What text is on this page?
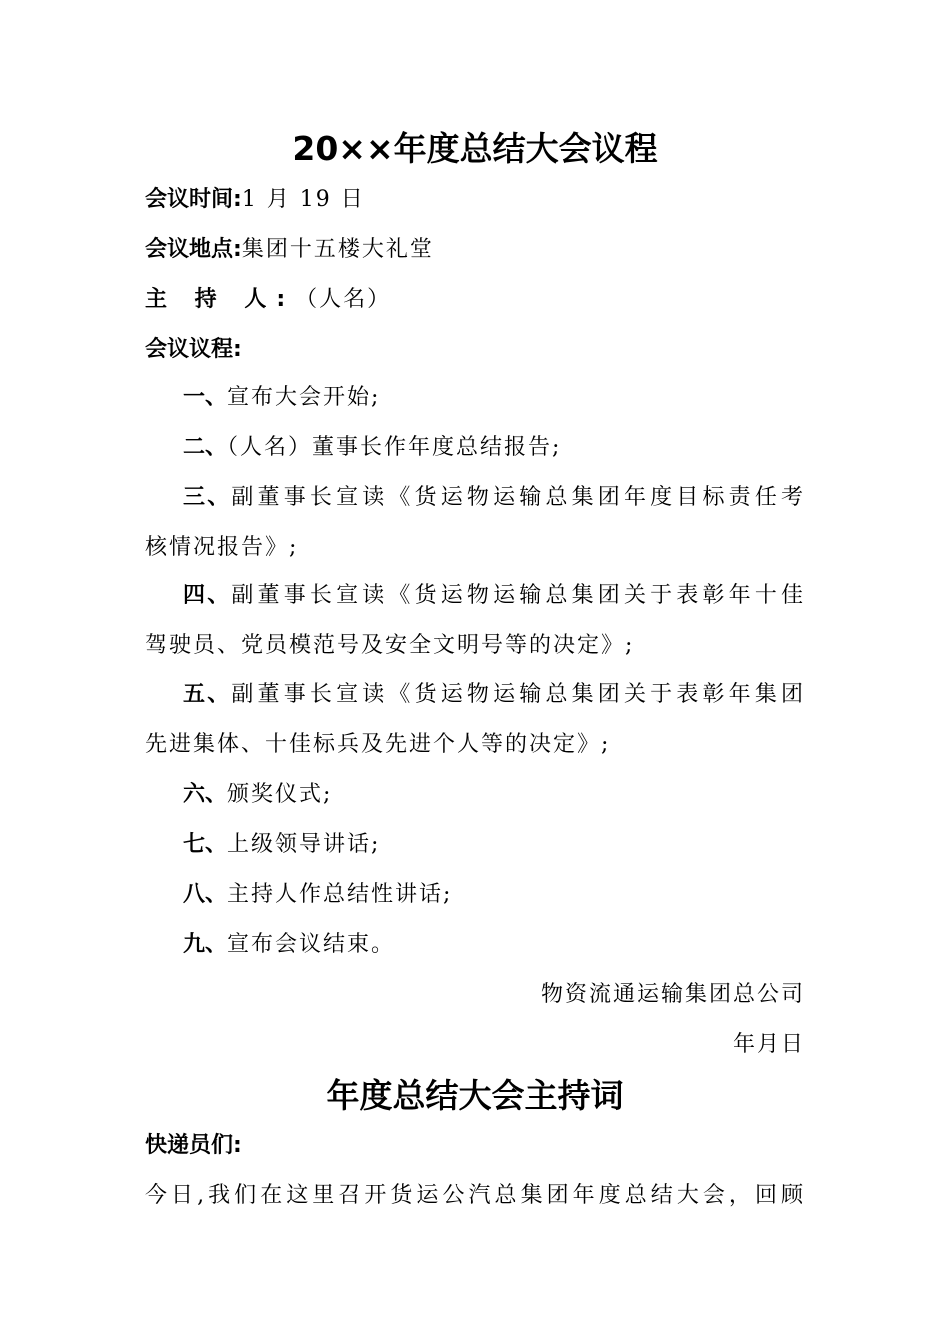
20××年度总结大会议程
会议时间:1 月 19 日
会议地点:集团十五楼大礼堂
主 持 人:（人名）
会议议程:
一、宣布大会开始;
二、（人名）董事长作年度总结报告;
三、副董事长宣读《货运物运输总集团年度目标责任考
核情况报告》;
四、副董事长宣读《货运物运输总集团关于表彰年十佳
驾驶员、党员模范号及安全文明号等的决定》;
五、副董事长宣读《货运物运输总集团关于表彰年集团
先进集体、十佳标兵及先进个人等的决定》;
六、颁奖仪式;
七、上级领导讲话;
八、主持人作总结性讲话;
九、宣布会议结束。
物资流通运输集团总公司
年月日
年度总结大会主持词
快递员们:
今日,我们在这里召开货运公汽总集团年度总结大会，回顾
